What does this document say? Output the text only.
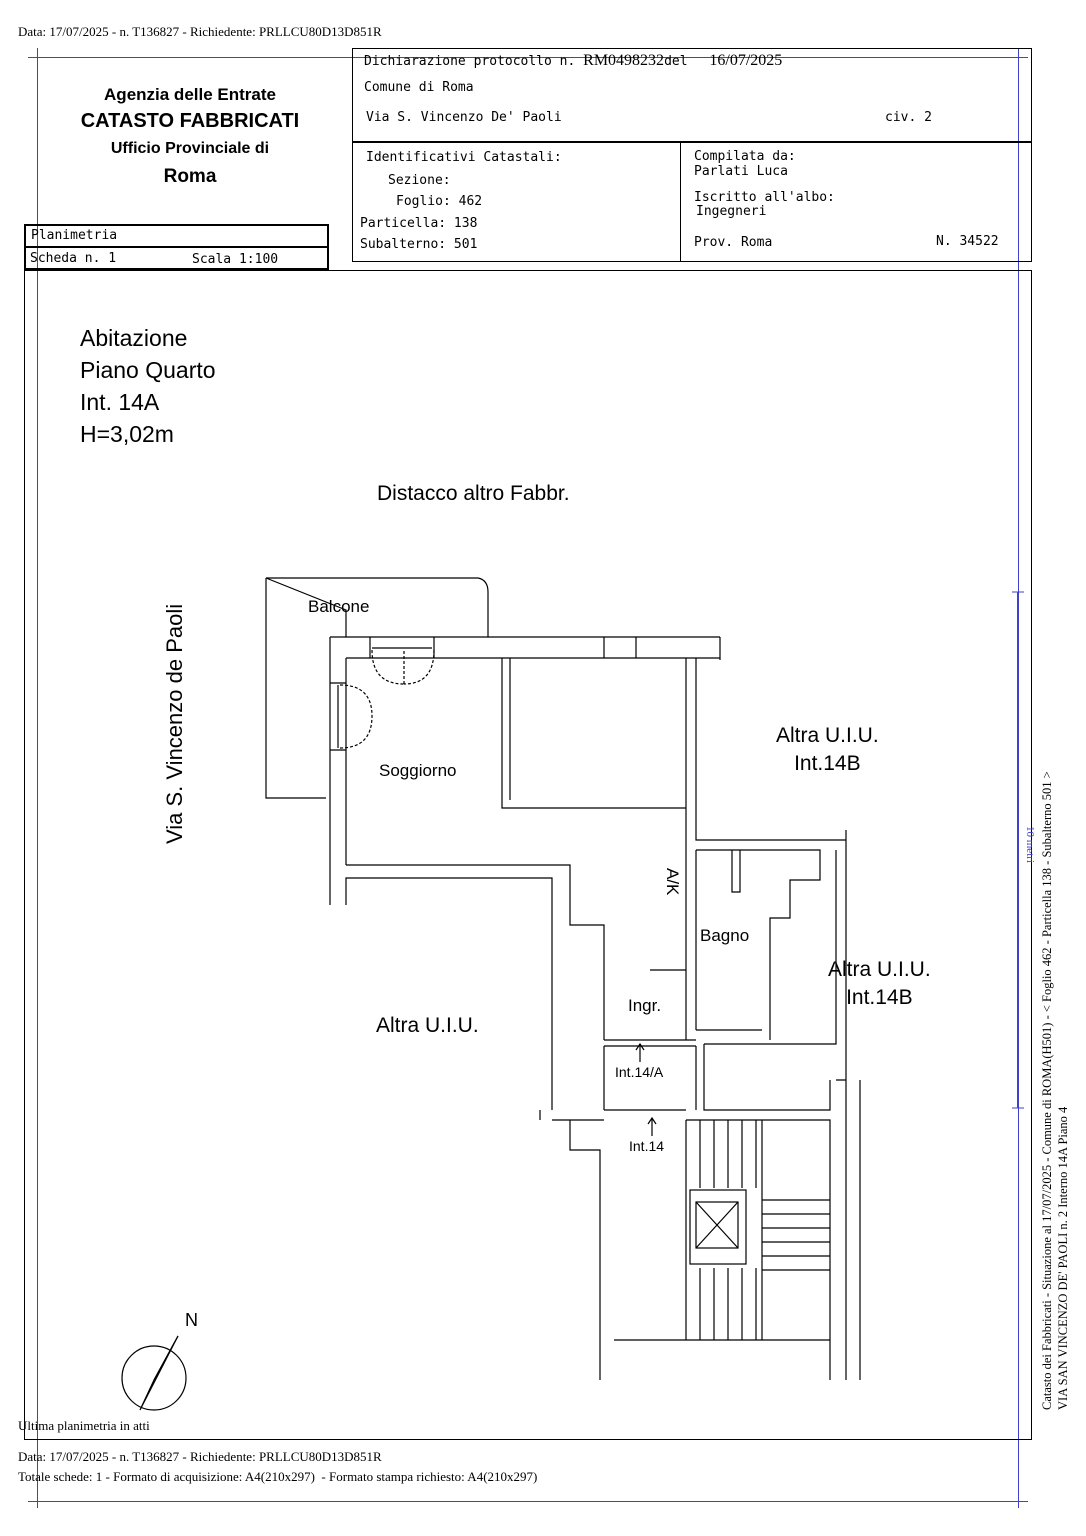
Data: 17/07/2025 - n. T136827 - Richiedente: PRLLCU80D13D851R
Agenzia delle Entrate
CATASTO FABBRICATI
Ufficio Provinciale di
Roma
Planimetria
Scheda n. 1	Scala 1:100
Dichiarazione protocollo n. RM0498232del 16/07/2025
Comune di Roma
Via S. Vincenzo De' Paoli	civ. 2
Identificativi Catastali:
Sezione:
Foglio: 462
Particella: 138
Subalterno: 501
Compilata da:
Parlati Luca
Iscritto all'albo:
Ingegneri
Prov. Roma	N. 34522
Abitazione
Piano Quarto
Int. 14A
H=3,02m
Distacco altro Fabbr.
Via S. Vincenzo de Paoli	Balcone
Soggiorno
A/K
Bagno
Ingr.
Altra U.I.U.
Int.14B
Altra U.I.U.
Int.14B
Altra U.I.U.
Int.14/A
Int.14
N
10 metri Catasto dei Fabbricati - Situazione al 17/07/2025 - Comune di ROMA(H501) - < Foglio 462 - Particella 138 - Subalterno 501 > VIA SAN VINCENZO DE' PAOLI n. 2 Interno 14A Piano 4
Ultima planimetria in atti
Data: 17/07/2025 - n. T136827 - Richiedente: PRLLCU80D13D851R
Totale schede: 1 - Formato di acquisizione: A4(210x297)  - Formato stampa richiesto: A4(210x297)
